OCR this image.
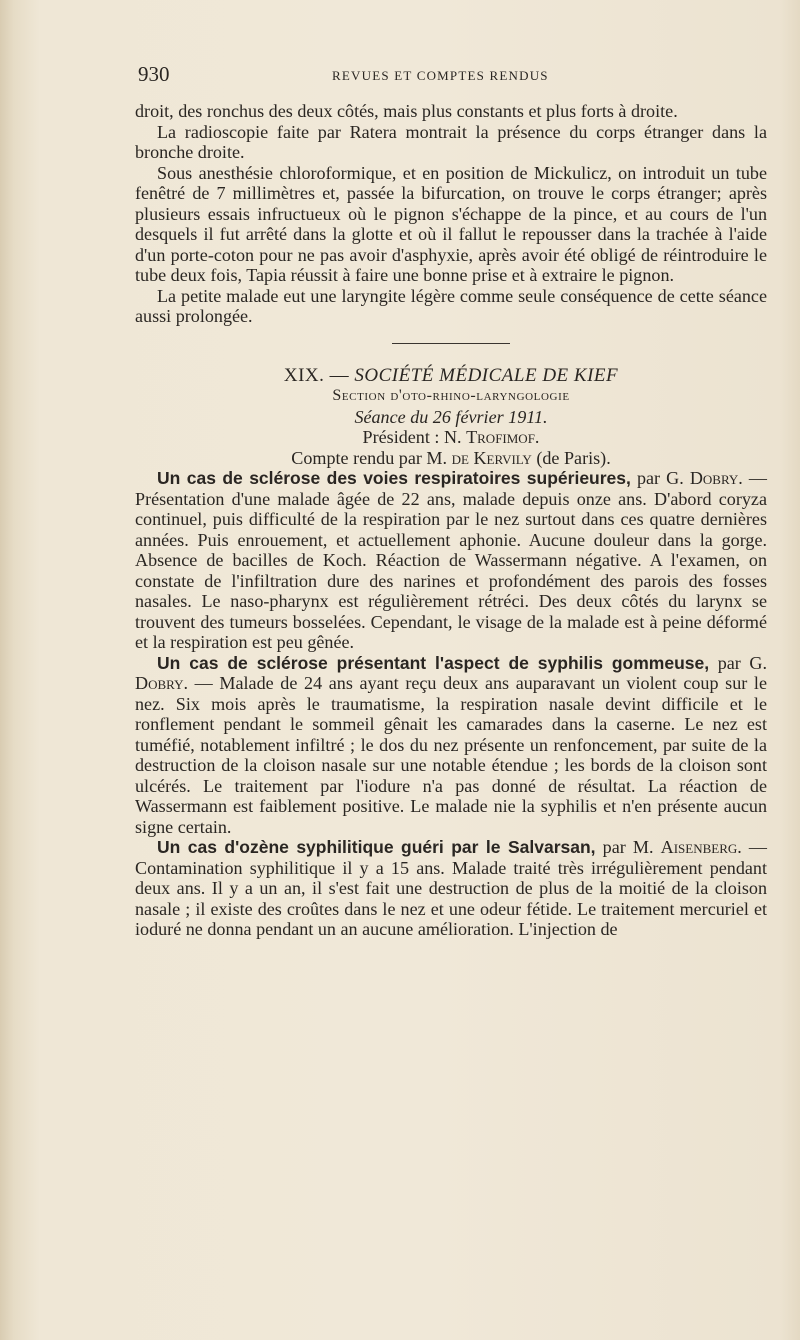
930	REVUES ET COMPTES RENDUS

droit, des ronchus des deux côtés, mais plus constants et plus forts à droite.

La radioscopie faite par Ratera montrait la présence du corps étranger dans la bronche droite.

Sous anesthésie chloroformique, et en position de Mickulicz, on introduit un tube fenêtré de 7 millimètres et, passée la bifurcation, on trouve le corps étranger; après plusieurs essais infructueux où le pignon s'échappe de la pince, et au cours de l'un desquels il fut arrêté dans la glotte et où il fallut le repousser dans la trachée à l'aide d'un porte-coton pour ne pas avoir d'asphyxie, après avoir été obligé de réintroduire le tube deux fois, Tapia réussit à faire une bonne prise et à extraire le pignon.

La petite malade eut une laryngite légère comme seule conséquence de cette séance aussi prolongée.

XIX. — SOCIÉTÉ MÉDICALE DE KIEF

Section d'oto-rhino-laryngologie

Séance du 26 février 1911.

Président : N. Trofimof.

Compte rendu par M. de Kervily (de Paris).

Un cas de sclérose des voies respiratoires supérieures, par G. Dobry. — Présentation d'une malade âgée de 22 ans, malade depuis onze ans. D'abord coryza continuel, puis difficulté de la respiration par le nez surtout dans ces quatre dernières années. Puis enrouement, et actuellement aphonie. Aucune douleur dans la gorge. Absence de bacilles de Koch. Réaction de Wassermann négative. A l'examen, on constate de l'infiltration dure des narines et profondément des parois des fosses nasales. Le naso-pharynx est régulièrement rétréci. Des deux côtés du larynx se trouvent des tumeurs bosselées. Cependant, le visage de la malade est à peine déformé et la respiration est peu gênée.

Un cas de sclérose présentant l'aspect de syphilis gommeuse, par G. Dobry. — Malade de 24 ans ayant reçu deux ans auparavant un violent coup sur le nez. Six mois après le traumatisme, la respiration nasale devint difficile et le ronflement pendant le sommeil gênait les camarades dans la caserne. Le nez est tuméfié, notablement infiltré ; le dos du nez présente un renfoncement, par suite de la destruction de la cloison nasale sur une notable étendue ; les bords de la cloison sont ulcérés. Le traitement par l'iodure n'a pas donné de résultat. La réaction de Wassermann est faiblement positive. Le malade nie la syphilis et n'en présente aucun signe certain.

Un cas d'ozène syphilitique guéri par le Salvarsan, par M. Aisenberg. — Contamination syphilitique il y a 15 ans. Malade traité très irrégulièrement pendant deux ans. Il y a un an, il s'est fait une destruction de plus de la moitié de la cloison nasale ; il existe des croûtes dans le nez et une odeur fétide. Le traitement mercuriel et ioduré ne donna pendant un an aucune amélioration. L'injection de
